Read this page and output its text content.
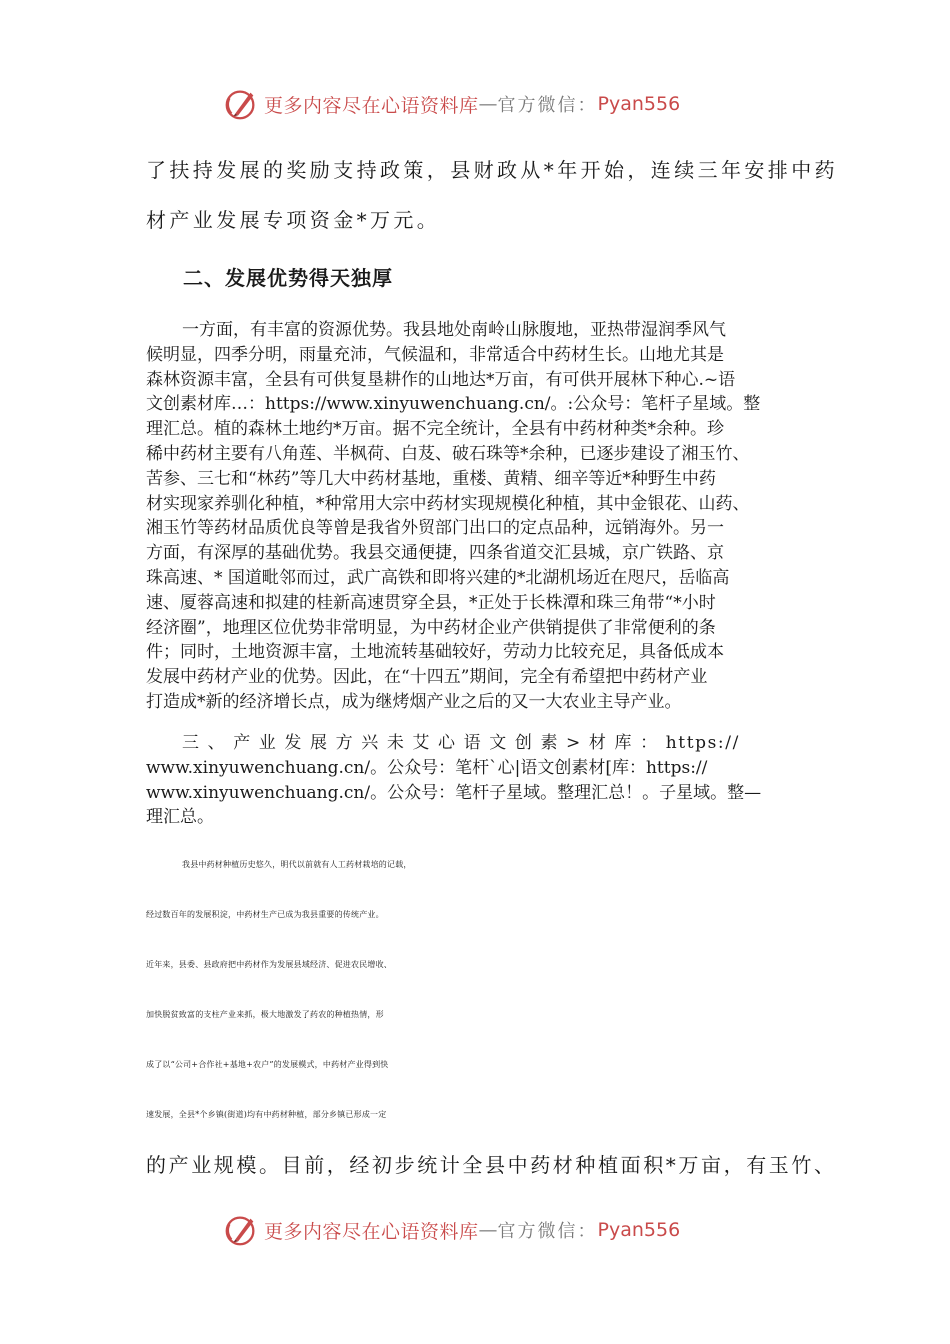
更多内容尽在心语资料库 — 官方微信： Pyan556
了扶持发展的奖励支持政策，县财政从*年开始，连续三年安排中药
材产业发展专项资金*万元。
二、发展优势得天独厚
一方面，有丰富的资源优势。我县地处南岭山脉腹地，亚热带湿润季风气
候明显，四季分明，雨量充沛，气候温和，非常适合中药材生长。山地尤其是
森林资源丰富，全县有可供复垦耕作的山地达*万亩，有可供开展林下种心.~语
文创素材库…：https://www.xinyuwenchuang.cn/。:公众号：笔杆子星域。整
理汇总。植的森林土地约*万亩。据不完全统计，全县有中药材种类*余种。珍
稀中药材主要有八角莲、半枫荷、白芨、破石珠等*余种，已逐步建设了湘玉竹、
苦参、三七和“林药”等几大中药材基地，重楼、黄精、细辛等近*种野生中药
材实现家养驯化种植，*种常用大宗中药材实现规模化种植，其中金银花、山药、
湘玉竹等药材品质优良等曾是我省外贸部门出口的定点品种，远销海外。另一
方面，有深厚的基础优势。我县交通便捷，四条省道交汇县城，京广铁路、京
珠高速、* 国道毗邻而过，武广高铁和即将兴建的*北湖机场近在咫尺，岳临高
速、厦蓉高速和拟建的桂新高速贯穿全县，*正处于长株潭和珠三角带“*小时
经济圈”，地理区位优势非常明显，为中药材企业产供销提供了非常便利的条
件；同时，土地资源丰富，土地流转基础较好，劳动力比较充足，具备低成本
发展中药材产业的优势。因此，在“十四五”期间，完全有希望把中药材产业
打造成*新的经济增长点，成为继烤烟产业之后的又一大农业主导产业。
三 、 产 业 发 展 方 兴 未 艾 心 语 文 创 素 > 材 库 ： https://
www.xinyuwenchuang.cn/。公众号：笔杆`心|语文创素材[库：https://
www.xinyuwenchuang.cn/。公众号：笔杆子星域。整理汇总！。子星域。整—
理汇总。
我县中药材种植历史悠久，明代以前就有人工药材栽培的记载，
经过数百年的发展积淀，中药材生产已成为我县重要的传统产业。
近年来，县委、县政府把中药材作为发展县域经济、促进农民增收、
加快脱贫致富的支柱产业来抓，极大地激发了药农的种植热情，形
成了以“公司+合作社+基地+农户”的发展模式，中药材产业得到快
速发展，全县*个乡镇(街道)均有中药材种植，部分乡镇已形成一定
的产业规模。目前，经初步统计全县中药材种植面积*万亩，有玉竹、
更多内容尽在心语资料库 — 官方微信： Pyan556
